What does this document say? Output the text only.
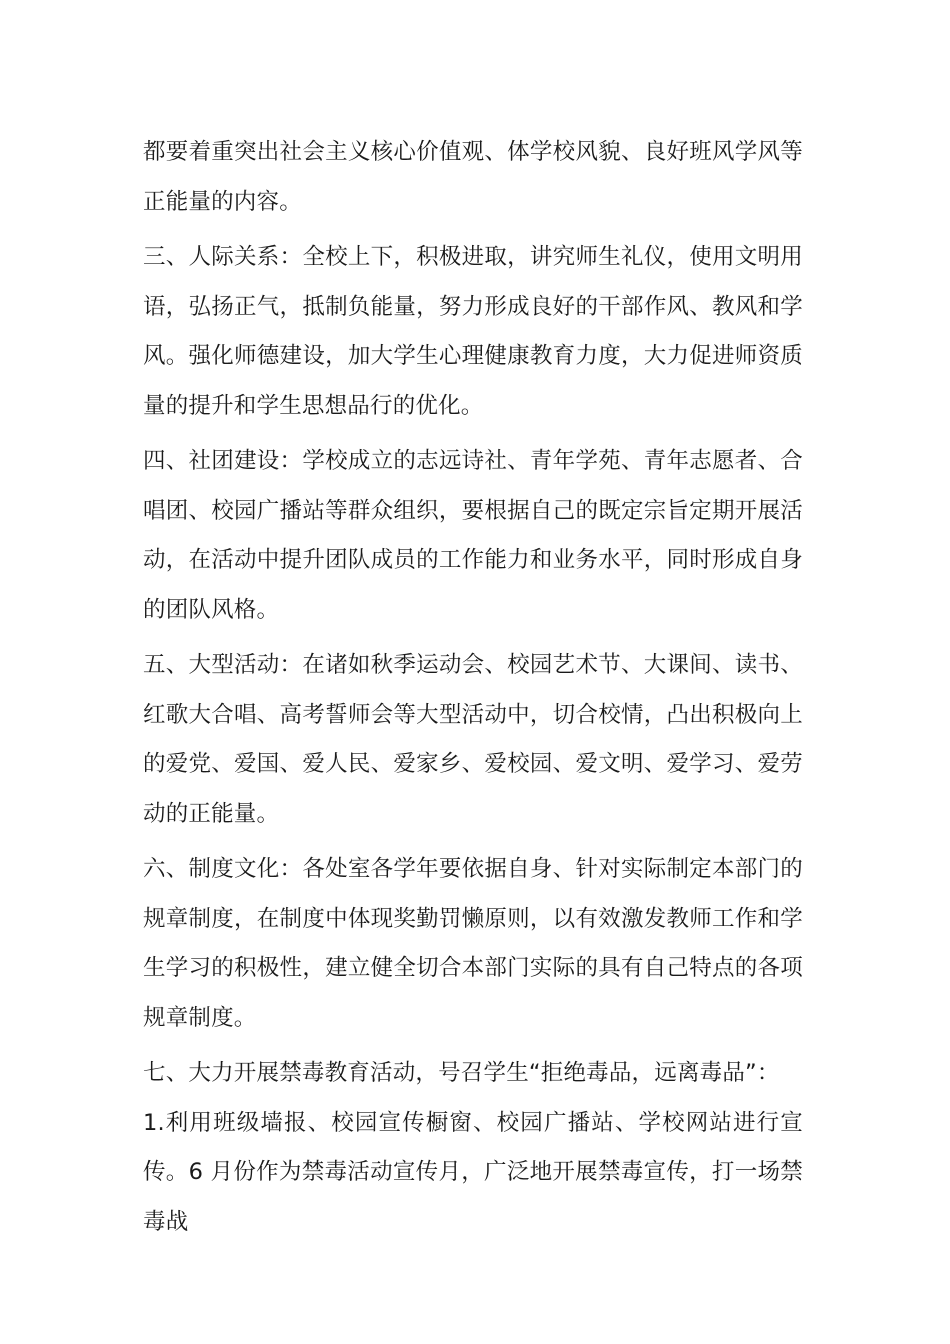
都要着重突出社会主义核心价值观、体学校风貌、良好班风学风等正能量的内容。

三、人际关系：全校上下，积极进取，讲究师生礼仪，使用文明用语，弘扬正气，抵制负能量，努力形成良好的干部作风、教风和学风。强化师德建设，加大学生心理健康教育力度，大力促进师资质量的提升和学生思想品行的优化。

四、社团建设：学校成立的志远诗社、青年学苑、青年志愿者、合唱团、校园广播站等群众组织，要根据自己的既定宗旨定期开展活动，在活动中提升团队成员的工作能力和业务水平，同时形成自身的团队风格。

五、大型活动：在诸如秋季运动会、校园艺术节、大课间、读书、红歌大合唱、高考誓师会等大型活动中，切合校情，凸出积极向上的爱党、爱国、爱人民、爱家乡、爱校园、爱文明、爱学习、爱劳动的正能量。

六、制度文化：各处室各学年要依据自身、针对实际制定本部门的规章制度，在制度中体现奖勤罚懒原则，以有效激发教师工作和学生学习的积极性，建立健全切合本部门实际的具有自己特点的各项规章制度。

七、大力开展禁毒教育活动，号召学生“拒绝毒品，远离毒品”：

1.利用班级墙报、校园宣传橱窗、校园广播站、学校网站进行宣传。6 月份作为禁毒活动宣传月，广泛地开展禁毒宣传，打一场禁毒战
